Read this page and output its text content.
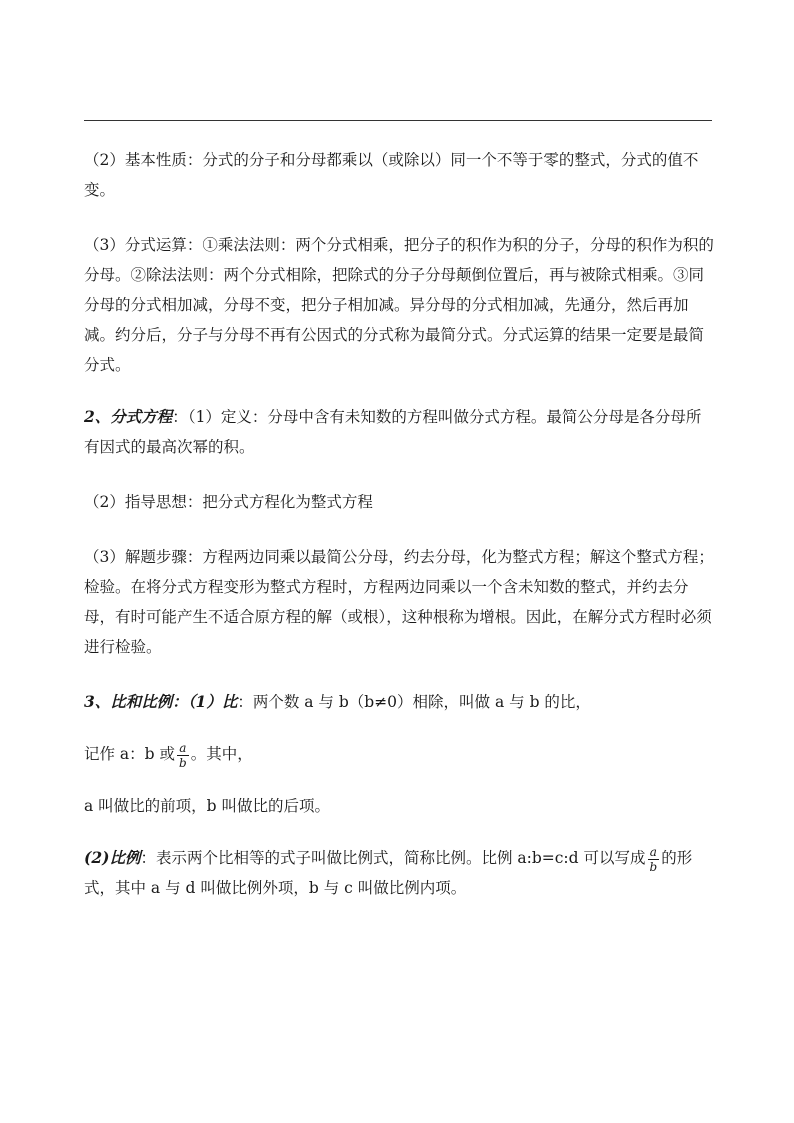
（2）基本性质：分式的分子和分母都乘以（或除以）同一个不等于零的整式，分式的值不变。

（3）分式运算：①乘法法则：两个分式相乘，把分子的积作为积的分子，分母的积作为积的分母。②除法法则：两个分式相除，把除式的分子分母颠倒位置后，再与被除式相乘。③同分母的分式相加减，分母不变，把分子相加减。异分母的分式相加减，先通分，然后再加减。约分后，分子与分母不再有公因式的分式称为最简分式。分式运算的结果一定要是最简分式。

2、分式方程：（1）定义：分母中含有未知数的方程叫做分式方程。最简公分母是各分母所有因式的最高次幂的积。

（2）指导思想：把分式方程化为整式方程

（3）解题步骤：方程两边同乘以最简公分母，约去分母，化为整式方程；解这个整式方程；检验。在将分式方程变形为整式方程时，方程两边同乘以一个含未知数的整式，并约去分母，有时可能产生不适合原方程的解（或根），这种根称为增根。因此，在解分式方程时必须进行检验。

3、比和比例：（1）比：两个数 a 与 b（b≠0）相除，叫做 a 与 b 的比，

记作 a：b 或 $\frac{a}{b}$ 。其中，

a 叫做比的前项，b 叫做比的后项。

(2)比例：表示两个比相等的式子叫做比例式，简称比例。比例 a:b=c:d 可以写成 $\frac{a}{b}$ 的形式，其中 a 与 d 叫做比例外项，b 与 c 叫做比例内项。
